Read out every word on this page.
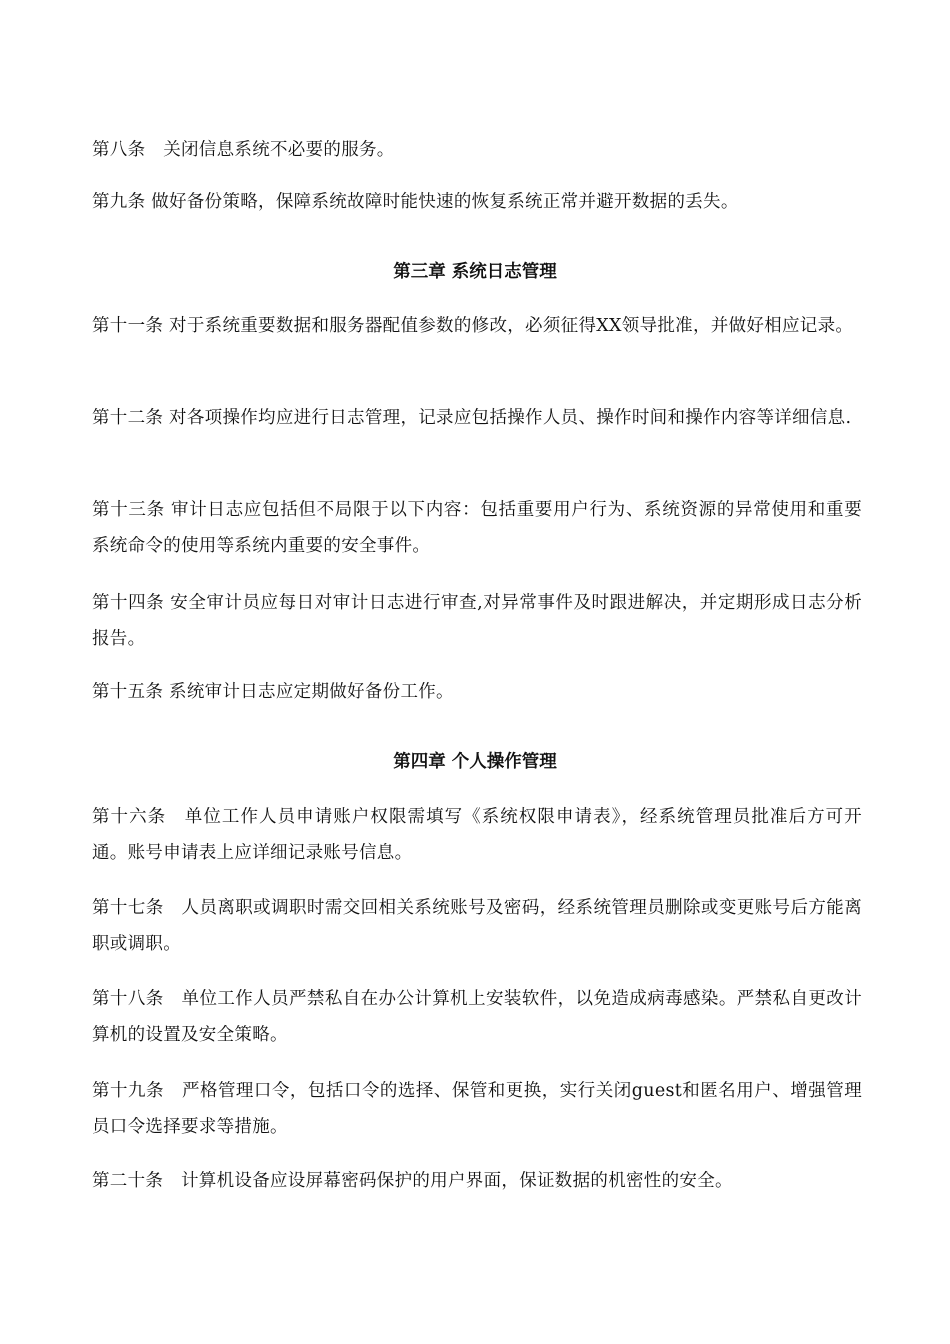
第八条　关闭信息系统不必要的服务。

第九条 做好备份策略，保障系统故障时能快速的恢复系统正常并避开数据的丢失。

第三章 系统日志管理

第十一条 对于系统重要数据和服务器配值参数的修改，必须征得XX领导批准，并做好相应记录。

第十二条 对各项操作均应进行日志管理，记录应包括操作人员、操作时间和操作内容等详细信息.

第十三条 审计日志应包括但不局限于以下内容：包括重要用户行为、系统资源的异常使用和重要系统命令的使用等系统内重要的安全事件。

第十四条 安全审计员应每日对审计日志进行审查,对异常事件及时跟进解决，并定期形成日志分析报告。

第十五条 系统审计日志应定期做好备份工作。

第四章 个人操作管理

第十六条　单位工作人员申请账户权限需填写《系统权限申请表》，经系统管理员批准后方可开通。账号申请表上应详细记录账号信息。

第十七条　人员离职或调职时需交回相关系统账号及密码，经系统管理员删除或变更账号后方能离职或调职。

第十八条　单位工作人员严禁私自在办公计算机上安装软件，以免造成病毒感染。严禁私自更改计算机的设置及安全策略。

第十九条　严格管理口令，包括口令的选择、保管和更换，实行关闭guest和匿名用户、增强管理员口令选择要求等措施。

第二十条　计算机设备应设屏幕密码保护的用户界面，保证数据的机密性的安全。
